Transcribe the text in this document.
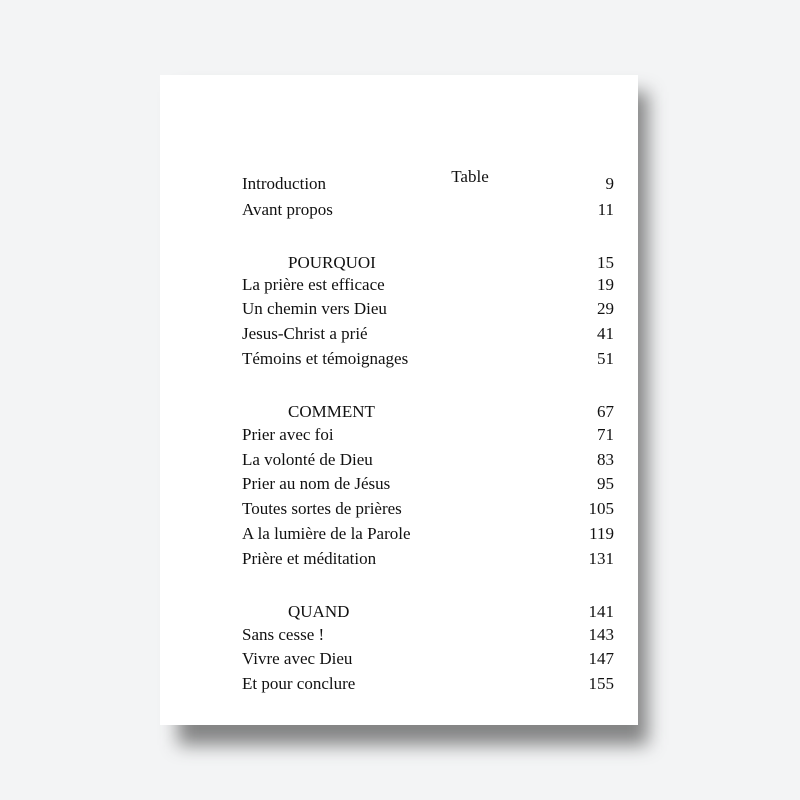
Table
Introduction	9
Avant propos	11
POURQUOI	15
La prière est efficace	19
Un chemin vers Dieu	29
Jesus-Christ a prié	41
Témoins et témoignages	51
COMMENT	67
Prier avec foi	71
La volonté de Dieu	83
Prier au nom de Jésus	95
Toutes sortes de prières	105
A la lumière de la Parole	119
Prière et méditation	131
QUAND	141
Sans cesse !	143
Vivre avec Dieu	147
Et pour conclure	155
